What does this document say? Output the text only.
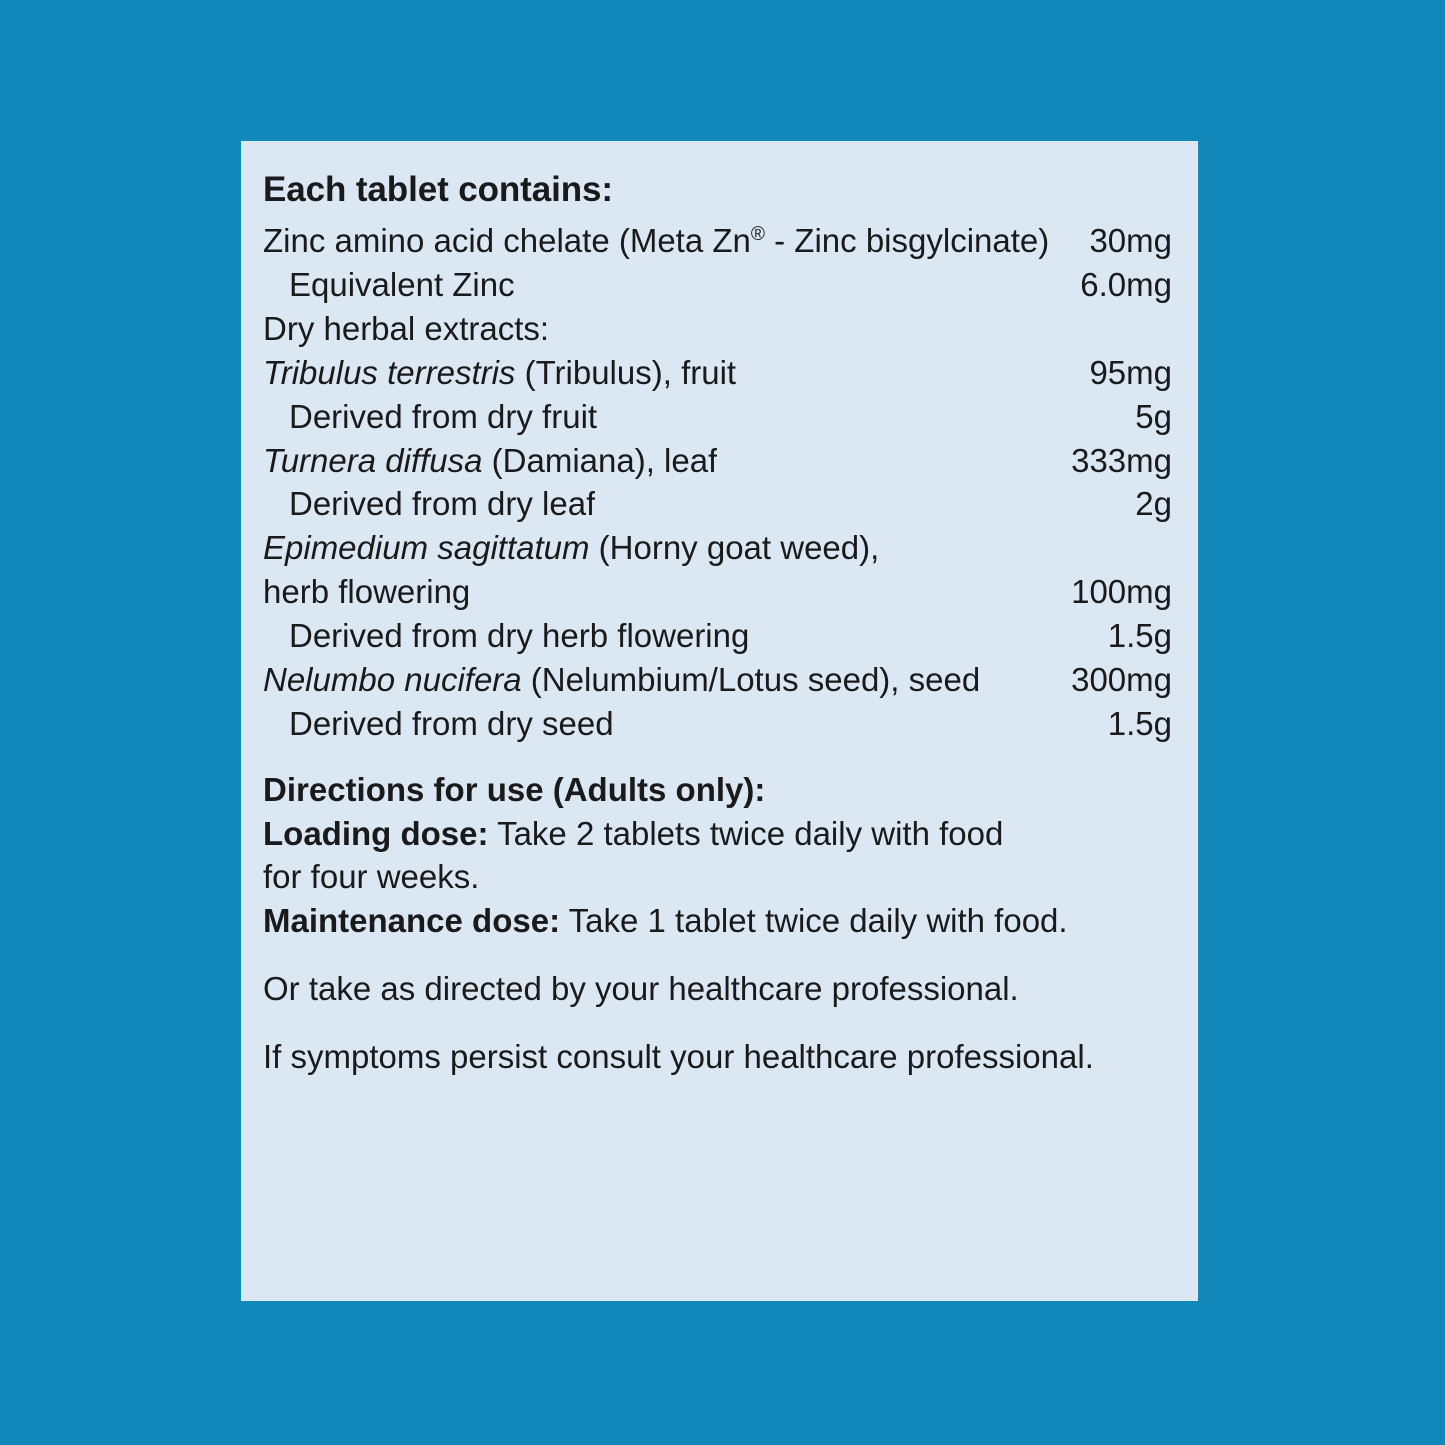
Each tablet contains:
Zinc amino acid chelate (Meta Zn® - Zinc bisgylcinate)	30mg
Equivalent Zinc	6.0mg
Dry herbal extracts:
Tribulus terrestris (Tribulus), fruit	95mg
Derived from dry fruit	5g
Turnera diffusa (Damiana), leaf	333mg
Derived from dry leaf	2g
Epimedium sagittatum (Horny goat weed),
herb flowering	100mg
Derived from dry herb flowering	1.5g
Nelumbo nucifera (Nelumbium/Lotus seed), seed	300mg
Derived from dry seed	1.5g
Directions for use (Adults only):
Loading dose: Take 2 tablets twice daily with food
for four weeks.
Maintenance dose: Take 1 tablet twice daily with food.
Or take as directed by your healthcare professional.
If symptoms persist consult your healthcare professional.
